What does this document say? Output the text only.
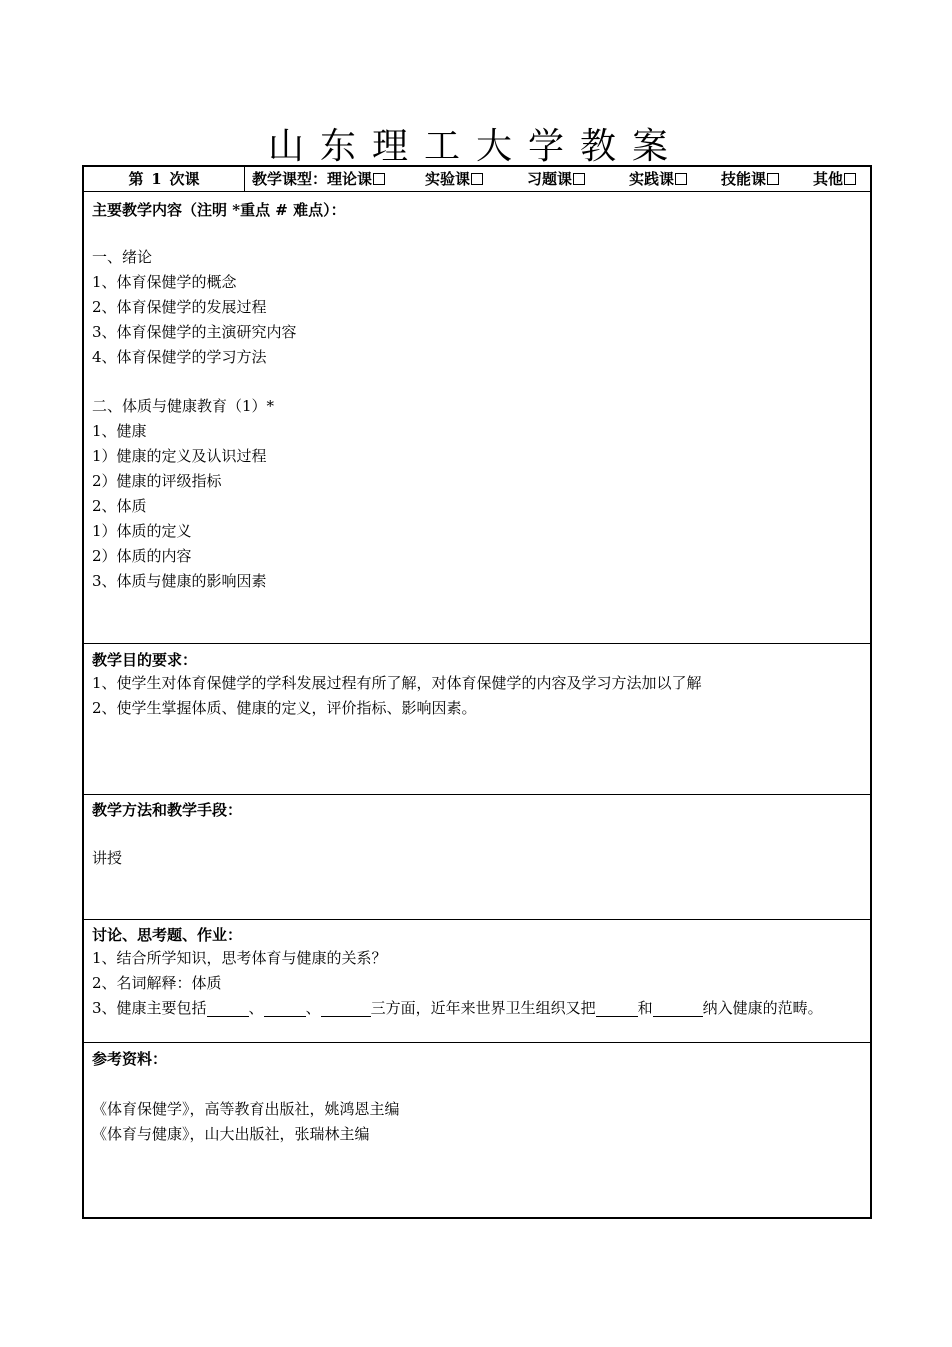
山东理工大学教案
第 1 次课	教学课型：理论课	实验课	习题课	实践课	技能课	其他
主要教学内容（注明 *重点 # 难点）：
一、绪论
1、体育保健学的概念
2、体育保健学的发展过程
3、体育保健学的主演研究内容
4、体育保健学的学习方法
二、体质与健康教育（1）*
1、健康
1）健康的定义及认识过程
2）健康的评级指标
2、体质
1）体质的定义
2）体质的内容
3、体质与健康的影响因素
教学目的要求：
1、使学生对体育保健学的学科发展过程有所了解，对体育保健学的内容及学习方法加以了解
2、使学生掌握体质、健康的定义，评价指标、影响因素。
教学方法和教学手段：
讲授
讨论、思考题、作业：
1、结合所学知识，思考体育与健康的关系？
2、名词解释：体质
3、健康主要包括	、	、	三方面，近年来世界卫生组织又把	和	纳入健康的范畴。
参考资料：
《体育保健学》，高等教育出版社，姚鸿恩主编
《体育与健康》，山大出版社，张瑞林主编
